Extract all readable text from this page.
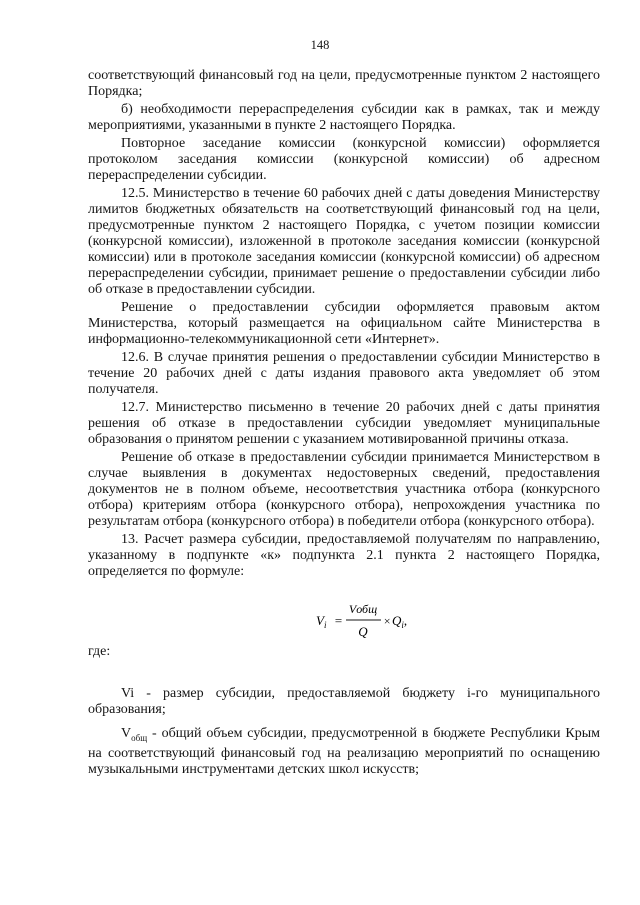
148

соответствующий финансовый год на цели, предусмотренные пунктом 2 настоящего Порядка;

б) необходимости перераспределения субсидии как в рамках, так и между мероприятиями, указанными в пункте 2 настоящего Порядка.

Повторное заседание комиссии (конкурсной комиссии) оформляется протоколом заседания комиссии (конкурсной комиссии) об адресном перераспределении субсидии.

12.5. Министерство в течение 60 рабочих дней с даты доведения Министерству лимитов бюджетных обязательств на соответствующий финансовый год на цели, предусмотренные пунктом 2 настоящего Порядка, с учетом позиции комиссии (конкурсной комиссии), изложенной в протоколе заседания комиссии (конкурсной комиссии) или в протоколе заседания комиссии (конкурсной комиссии) об адресном перераспределении субсидии, принимает решение о предоставлении субсидии либо об отказе в предоставлении субсидии.

Решение о предоставлении субсидии оформляется правовым актом Министерства, который размещается на официальном сайте Министерства в информационно-телекоммуникационной сети «Интернет».

12.6. В случае принятия решения о предоставлении субсидии Министерство в течение 20 рабочих дней с даты издания правового акта уведомляет об этом получателя.

12.7. Министерство письменно в течение 20 рабочих дней с даты принятия решения об отказе в предоставлении субсидии уведомляет муниципальные образования о принятом решении с указанием мотивированной причины отказа.

Решение об отказе в предоставлении субсидии принимается Министерством в случае выявления в документах недостоверных сведений, предоставления документов не в полном объеме, несоответствия участника отбора (конкурсного отбора) критериям отбора (конкурсного отбора), непрохождения участника по результатам отбора (конкурсного отбора) в победители отбора (конкурсного отбора).

13. Расчет размера субсидии, предоставляемой получателям по направлению, указанному в подпункте «к» подпункта 2.1 пункта 2 настоящего Порядка, определяется по формуле:

$V_i$ =
Vобщ
Q
× $Q_i$,

где:

Vi - размер субсидии, предоставляемой бюджету i-го муниципального образования;

$V_{общ}$ - общий объем субсидии, предусмотренной в бюджете Республики Крым на соответствующий финансовый год на реализацию мероприятий по оснащению музыкальными инструментами детских школ искусств;
